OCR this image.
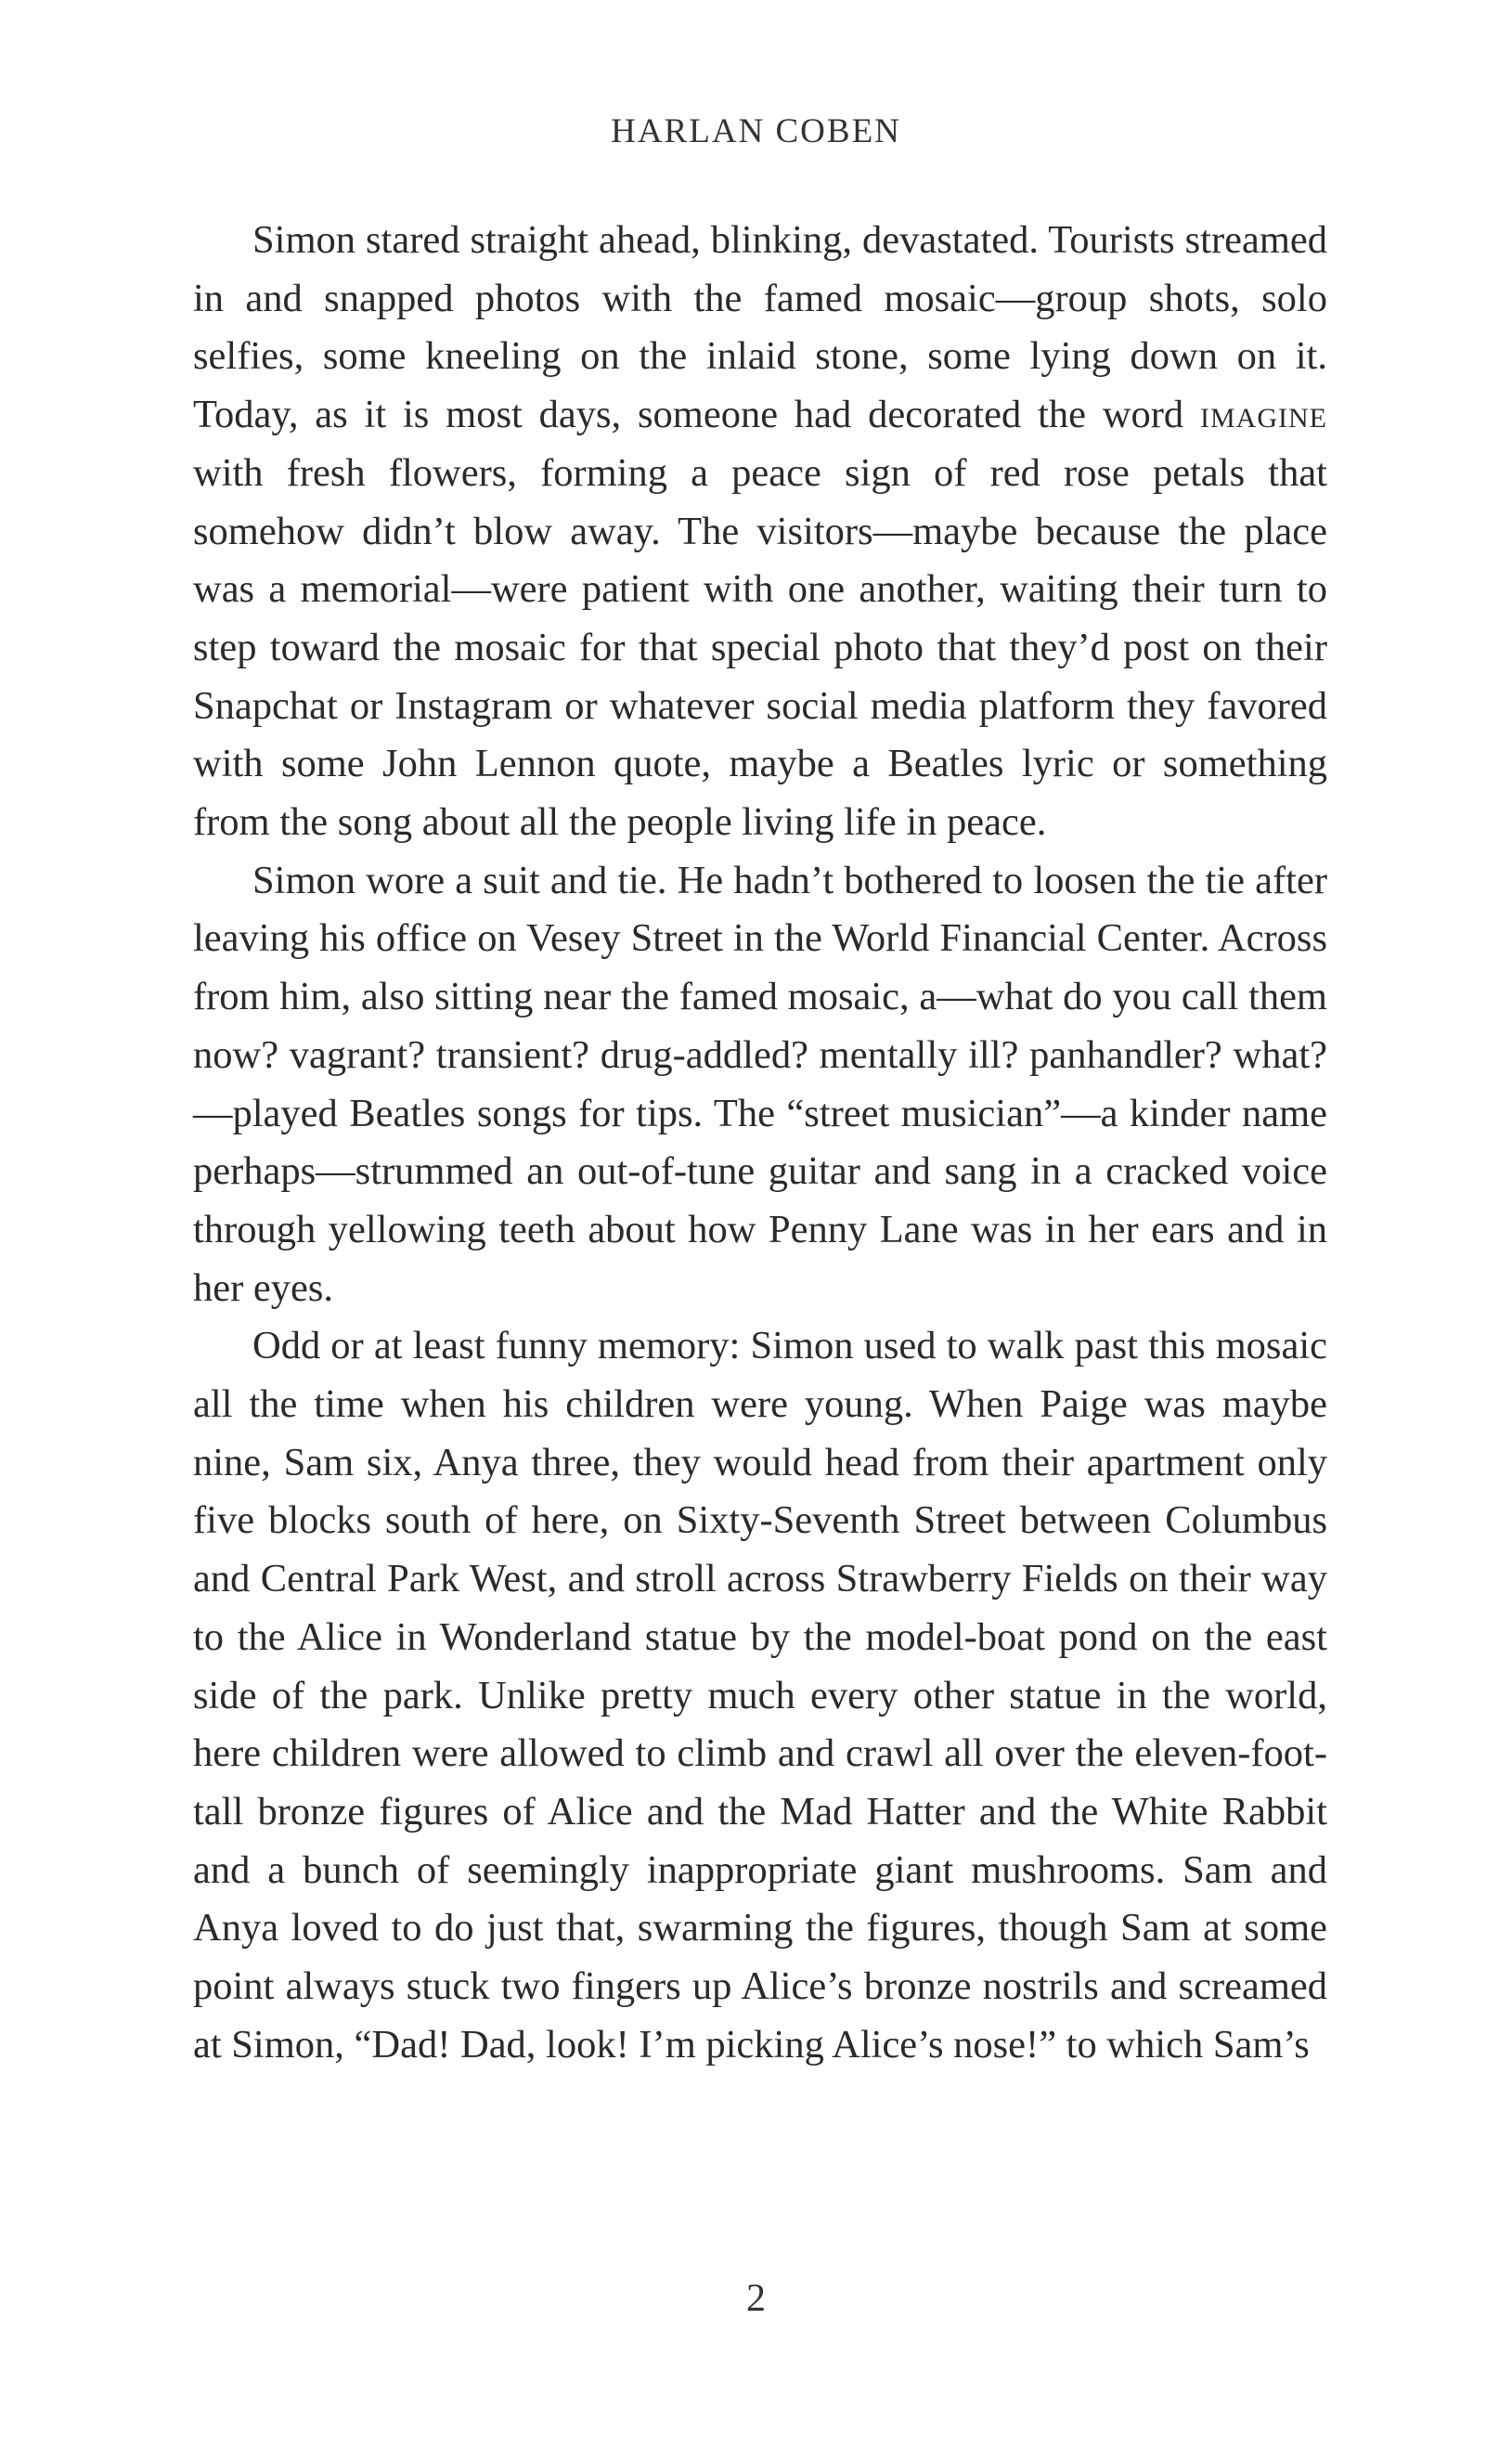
HARLAN COBEN

Simon stared straight ahead, blinking, devastated. Tourists streamed in and snapped photos with the famed mosaic—group shots, solo selfies, some kneeling on the inlaid stone, some lying down on it. Today, as it is most days, someone had decorated the word imagine with fresh flowers, forming a peace sign of red rose petals that somehow didn’t blow away. The visitors—maybe because the place was a memorial—were patient with one another, waiting their turn to step toward the mosaic for that special photo that they’d post on their Snapchat or Instagram or whatever social media platform they favored with some John Lennon quote, maybe a Beatles lyric or something from the song about all the people living life in peace.

Simon wore a suit and tie. He hadn’t bothered to loosen the tie after leaving his office on Vesey Street in the World Financial Center. Across from him, also sitting near the famed mosaic, a—what do you call them now? vagrant? transient? drug-addled? mentally ill? panhandler? what?—played Beatles songs for tips. The “street musician”—a kinder name perhaps—strummed an out-of-tune guitar and sang in a cracked voice through yellowing teeth about how Penny Lane was in her ears and in her eyes.

Odd or at least funny memory: Simon used to walk past this mosaic all the time when his children were young. When Paige was maybe nine, Sam six, Anya three, they would head from their apartment only five blocks south of here, on Sixty-Seventh Street between Columbus and Central Park West, and stroll across Strawberry Fields on their way to the Alice in Wonderland statue by the model-boat pond on the east side of the park. Unlike pretty much every other statue in the world, here children were allowed to climb and crawl all over the eleven-foot-tall bronze figures of Alice and the Mad Hatter and the White Rabbit and a bunch of seemingly inappropriate giant mushrooms. Sam and Anya loved to do just that, swarming the figures, though Sam at some point always stuck two fingers up Alice’s bronze nostrils and screamed at Simon, “Dad! Dad, look! I’m picking Alice’s nose!” to which Sam’s

2
